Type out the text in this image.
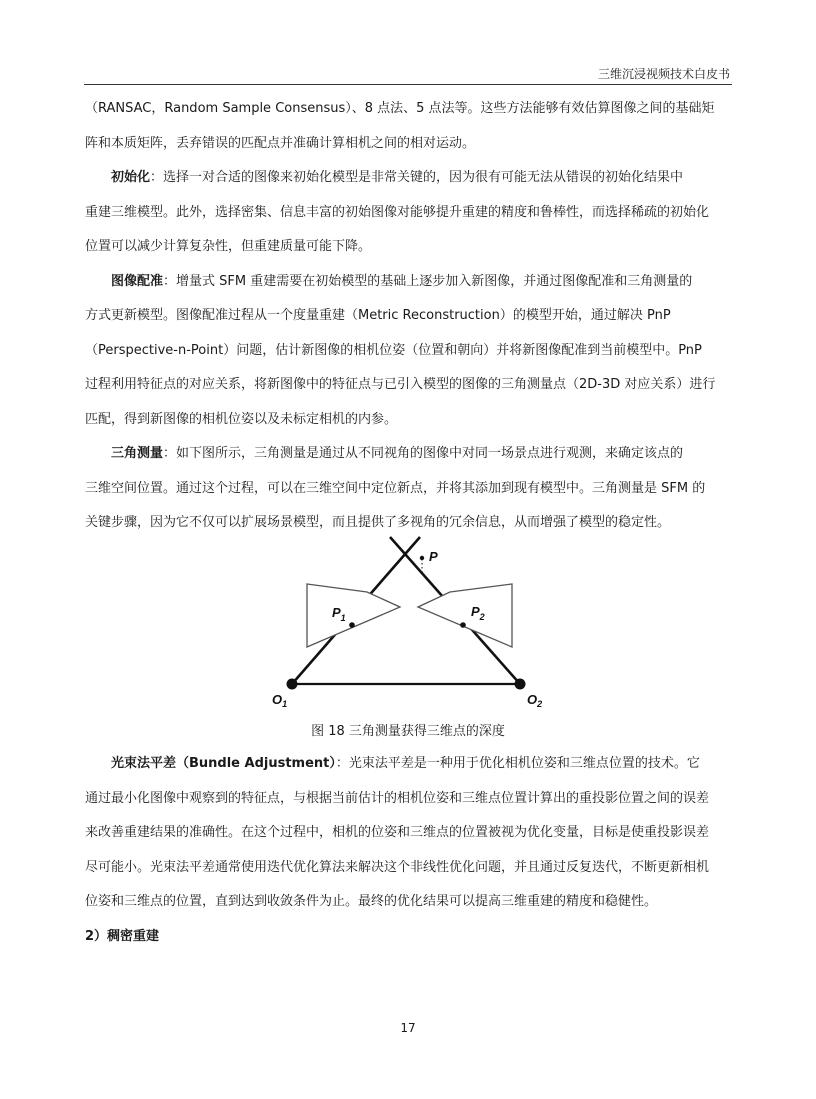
三维沉浸视频技术白皮书

（RANSAC，Random Sample Consensus）、8 点法、5 点法等。这些方法能够有效估算图像之间的基础矩
阵和本质矩阵，丢弃错误的匹配点并准确计算相机之间的相对运动。

初始化：选择一对合适的图像来初始化模型是非常关键的，因为很有可能无法从错误的初始化结果中
重建三维模型。此外，选择密集、信息丰富的初始图像对能够提升重建的精度和鲁棒性，而选择稀疏的初始化
位置可以减少计算复杂性，但重建质量可能下降。

图像配准：增量式 SFM 重建需要在初始模型的基础上逐步加入新图像，并通过图像配准和三角测量的
方式更新模型。图像配准过程从一个度量重建（Metric Reconstruction）的模型开始，通过解决 PnP
（Perspective-n-Point）问题，估计新图像的相机位姿（位置和朝向）并将新图像配准到当前模型中。PnP
过程利用特征点的对应关系，将新图像中的特征点与已引入模型的图像的三角测量点（2D-3D 对应关系）进行
匹配，得到新图像的相机位姿以及未标定相机的内参。

三角测量：如下图所示，三角测量是通过从不同视角的图像中对同一场景点进行观测，来确定该点的
三维空间位置。通过这个过程，可以在三维空间中定位新点，并将其添加到现有模型中。三角测量是 SFM 的
关键步骤，因为它不仅可以扩展场景模型，而且提供了多视角的冗余信息，从而增强了模型的稳定性。

P
$P_1$	$P_2$
$O_1$	$O_2$
图 18 三角测量获得三维点的深度

光束法平差（Bundle Adjustment）：光束法平差是一种用于优化相机位姿和三维点位置的技术。它
通过最小化图像中观察到的特征点，与根据当前估计的相机位姿和三维点位置计算出的重投影位置之间的误差
来改善重建结果的准确性。在这个过程中，相机的位姿和三维点的位置被视为优化变量，目标是使重投影误差
尽可能小。光束法平差通常使用迭代优化算法来解决这个非线性优化问题，并且通过反复迭代，不断更新相机
位姿和三维点的位置，直到达到收敛条件为止。最终的优化结果可以提高三维重建的精度和稳健性。

2）稠密重建
17
